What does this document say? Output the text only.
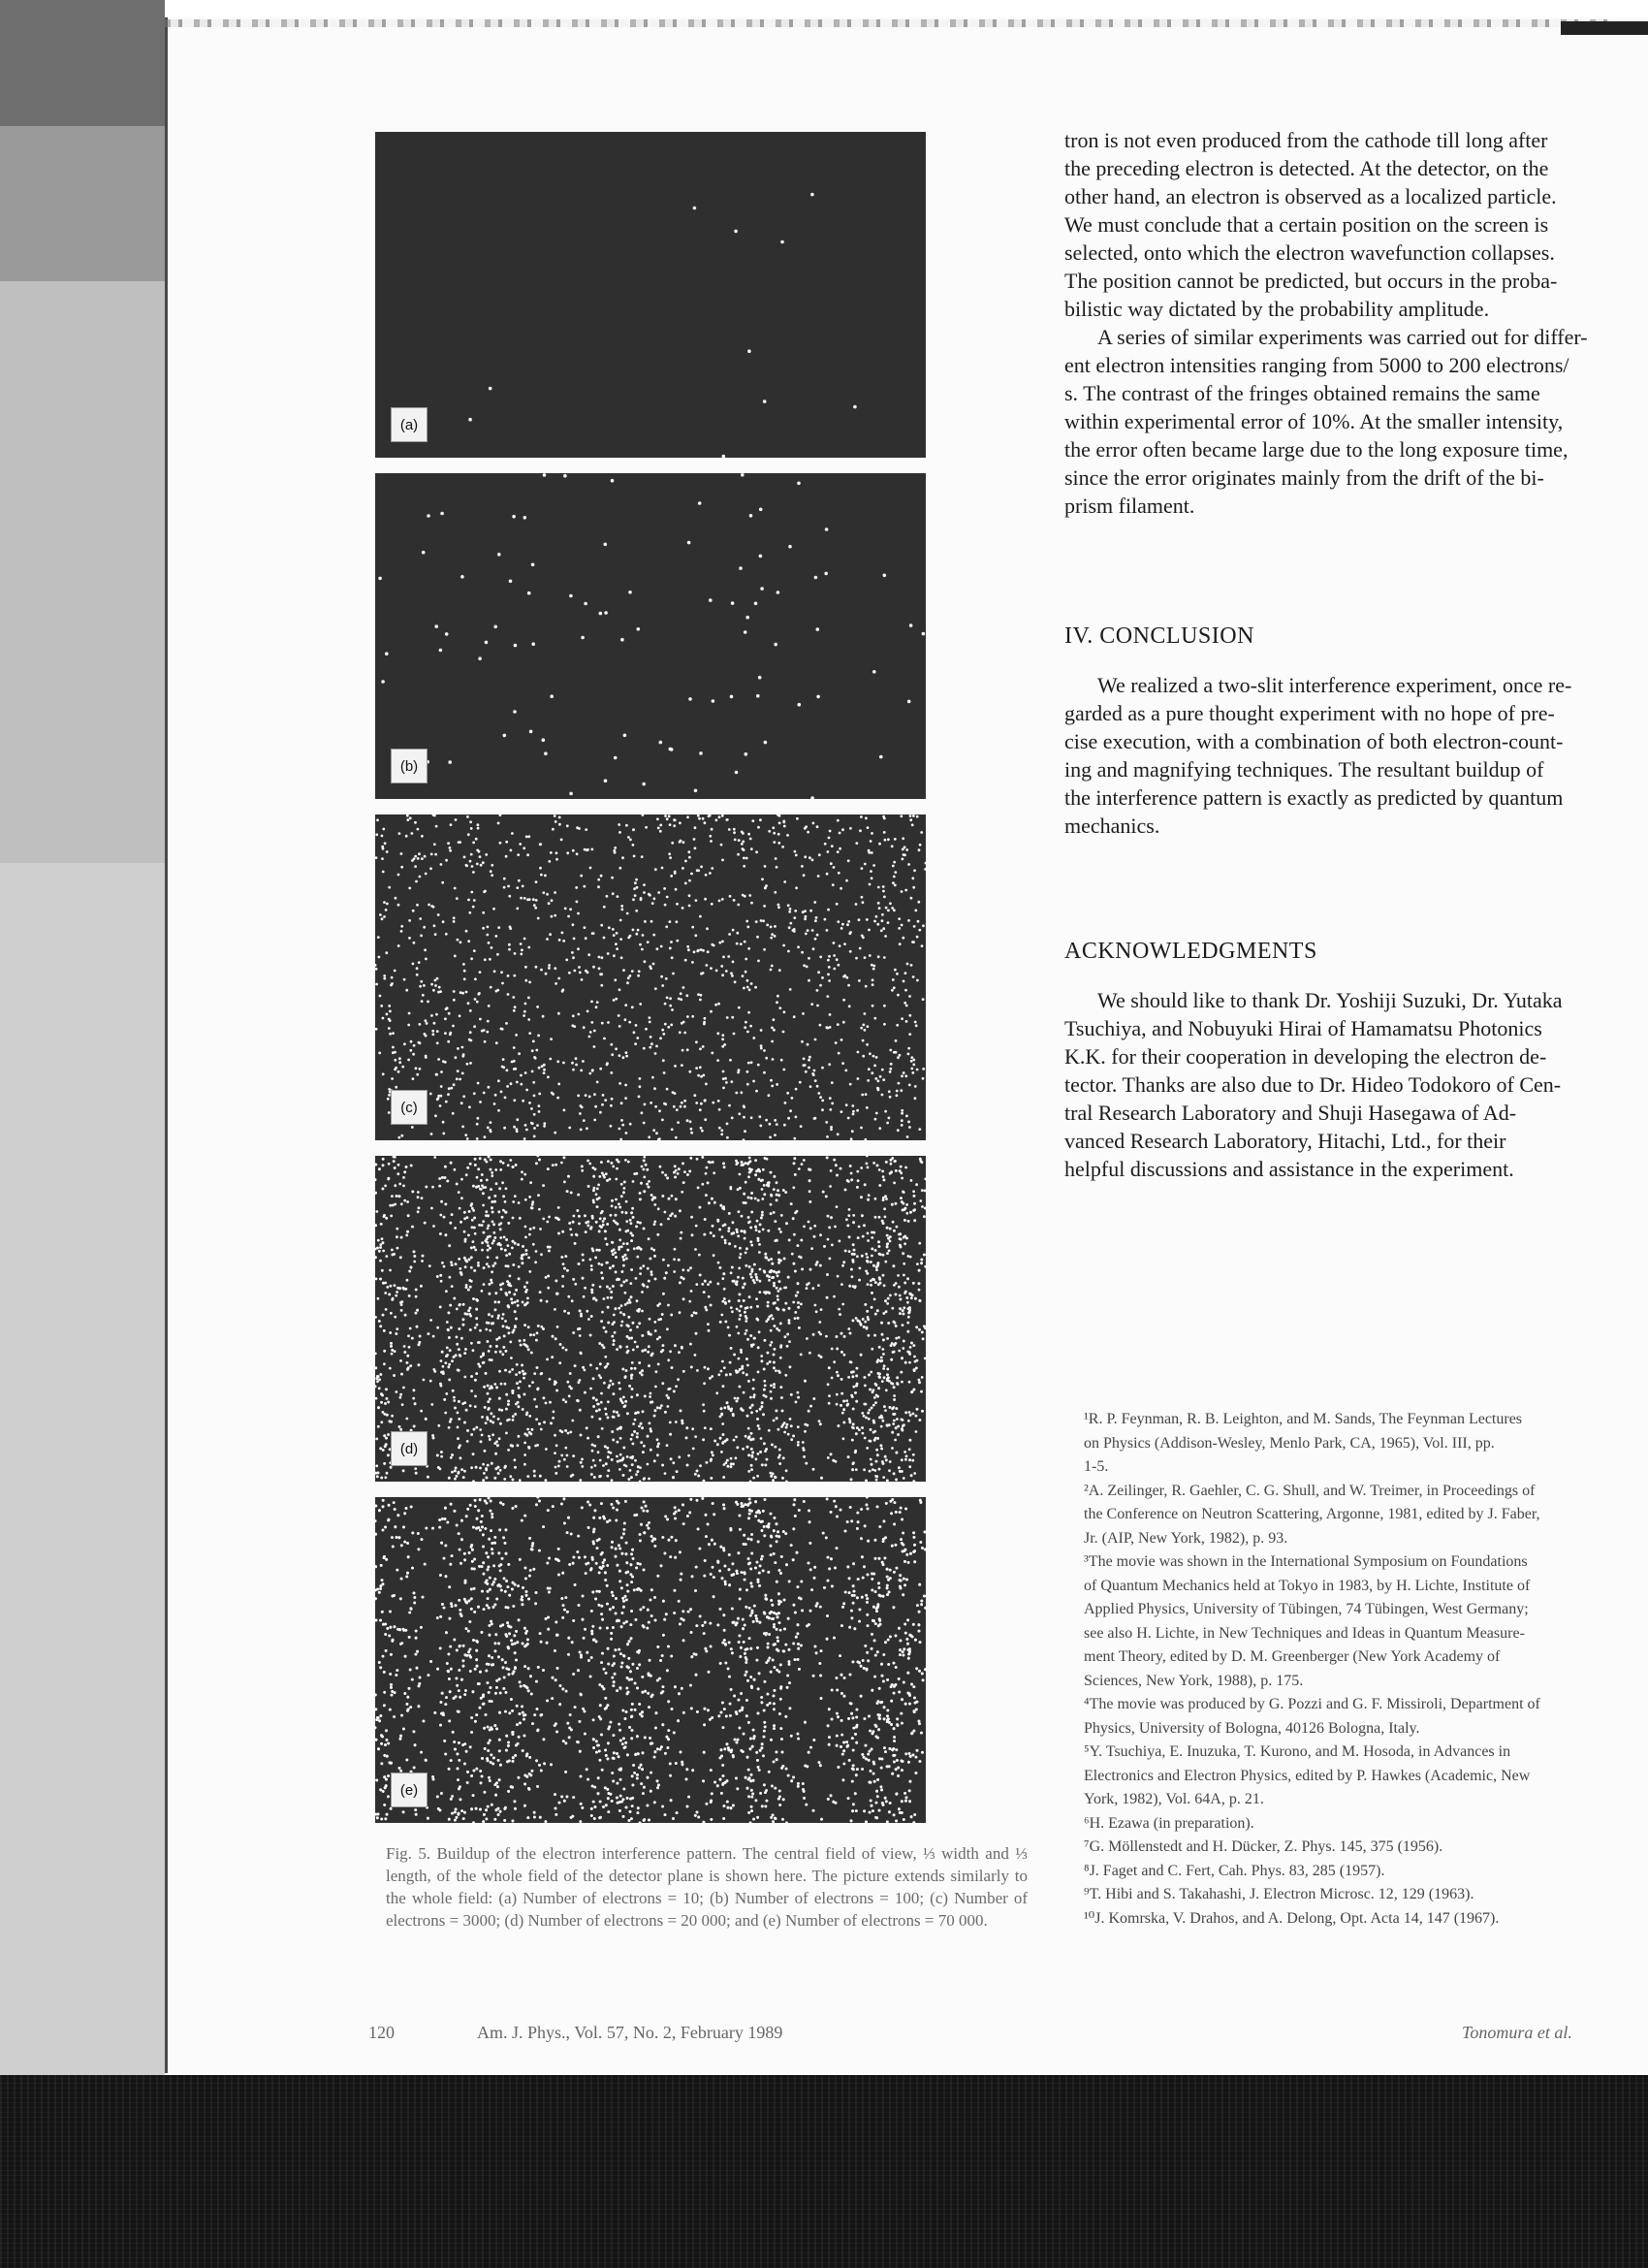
(a)
(b)
(c)
(d)
(e)
Fig. 5. Buildup of the electron interference pattern. The central field of view, ⅓ width and ⅓ length, of the whole field of the detector plane is shown here. The picture extends similarly to the whole field: (a) Number of electrons = 10; (b) Number of electrons = 100; (c) Number of electrons = 3000; (d) Number of electrons = 20 000; and (e) Number of electrons = 70 000.
tron is not even produced from the cathode till long after
the preceding electron is detected. At the detector, on the
other hand, an electron is observed as a localized particle.
We must conclude that a certain position on the screen is
selected, onto which the electron wavefunction collapses.
The position cannot be predicted, but occurs in the proba-
bilistic way dictated by the probability amplitude.
A series of similar experiments was carried out for differ-
ent electron intensities ranging from 5000 to 200 electrons/
s. The contrast of the fringes obtained remains the same
within experimental error of 10%. At the smaller intensity,
the error often became large due to the long exposure time,
since the error originates mainly from the drift of the bi-
prism filament.
IV. CONCLUSION
We realized a two-slit interference experiment, once re-
garded as a pure thought experiment with no hope of pre-
cise execution, with a combination of both electron-count-
ing and magnifying techniques. The resultant buildup of
the interference pattern is exactly as predicted by quantum
mechanics.
ACKNOWLEDGMENTS
We should like to thank Dr. Yoshiji Suzuki, Dr. Yutaka
Tsuchiya, and Nobuyuki Hirai of Hamamatsu Photonics
K.K. for their cooperation in developing the electron de-
tector. Thanks are also due to Dr. Hideo Todokoro of Cen-
tral Research Laboratory and Shuji Hasegawa of Ad-
vanced Research Laboratory, Hitachi, Ltd., for their
helpful discussions and assistance in the experiment.
¹R. P. Feynman, R. B. Leighton, and M. Sands, The Feynman Lectures
on Physics (Addison-Wesley, Menlo Park, CA, 1965), Vol. III, pp.
1-5.
²A. Zeilinger, R. Gaehler, C. G. Shull, and W. Treimer, in Proceedings of
the Conference on Neutron Scattering, Argonne, 1981, edited by J. Faber,
Jr. (AIP, New York, 1982), p. 93.
³The movie was shown in the International Symposium on Foundations
of Quantum Mechanics held at Tokyo in 1983, by H. Lichte, Institute of
Applied Physics, University of Tübingen, 74 Tübingen, West Germany;
see also H. Lichte, in New Techniques and Ideas in Quantum Measure-
ment Theory, edited by D. M. Greenberger (New York Academy of
Sciences, New York, 1988), p. 175.
⁴The movie was produced by G. Pozzi and G. F. Missiroli, Department of
Physics, University of Bologna, 40126 Bologna, Italy.
⁵Y. Tsuchiya, E. Inuzuka, T. Kurono, and M. Hosoda, in Advances in
Electronics and Electron Physics, edited by P. Hawkes (Academic, New
York, 1982), Vol. 64A, p. 21.
⁶H. Ezawa (in preparation).
⁷G. Möllenstedt and H. Dücker, Z. Phys. 145, 375 (1956).
⁸J. Faget and C. Fert, Cah. Phys. 83, 285 (1957).
⁹T. Hibi and S. Takahashi, J. Electron Microsc. 12, 129 (1963).
¹⁰J. Komrska, V. Drahos, and A. Delong, Opt. Acta 14, 147 (1967).
120	Am. J. Phys., Vol. 57, No. 2, February 1989	Tonomura et al.
